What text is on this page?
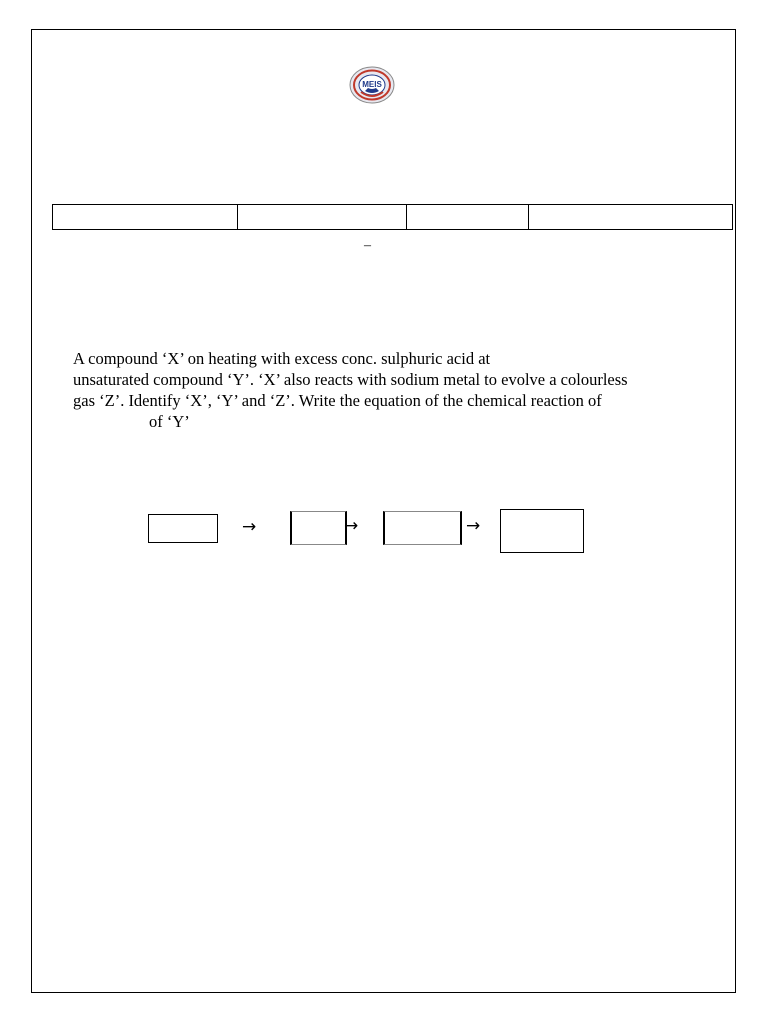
MEIS

–
A compound ‘X’ on heating with excess conc. sulphuric acid at
unsaturated compound ‘Y’. ‘X’ also reacts with sodium metal to evolve a colourless
gas ‘Z’. Identify ‘X’, ‘Y’ and ‘Z’. Write the equation of the chemical reaction of
of ‘Y’
→	→	→
